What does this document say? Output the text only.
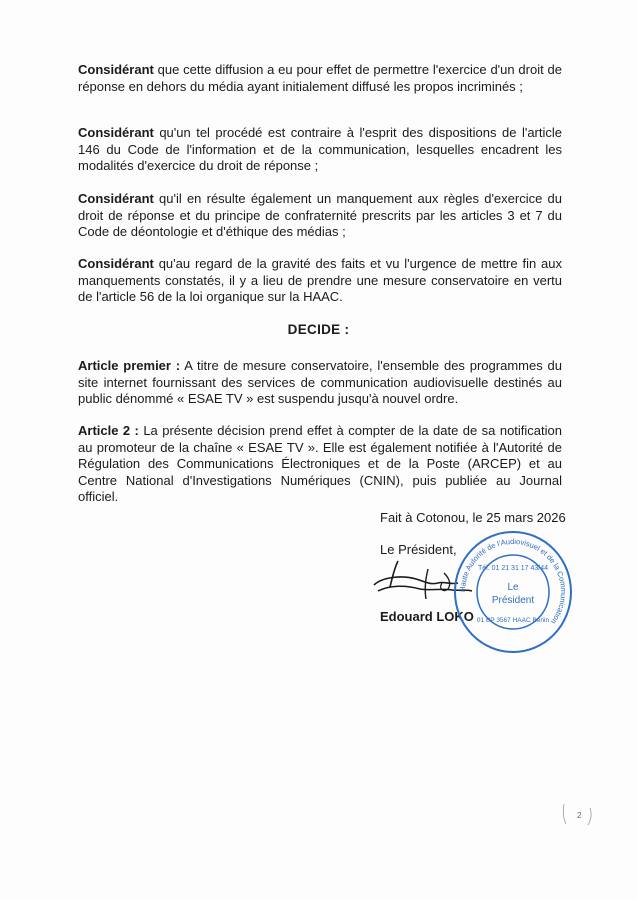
Considérant que cette diffusion a eu pour effet de permettre l'exercice d'un droit de réponse en dehors du média ayant initialement diffusé les propos incriminés ;

Considérant qu'un tel procédé est contraire à l'esprit des dispositions de l'article 146 du Code de l'information et de la communication, lesquelles encadrent les modalités d'exercice du droit de réponse ;

Considérant qu'il en résulte également un manquement aux règles d'exercice du droit de réponse et du principe de confraternité prescrits par les articles 3 et 7 du Code de déontologie et d'éthique des médias ;

Considérant qu'au regard de la gravité des faits et vu l'urgence de mettre fin aux manquements constatés, il y a lieu de prendre une mesure conservatoire en vertu de l'article 56 de la loi organique sur la HAAC.

DECIDE :

Article premier : A titre de mesure conservatoire, l'ensemble des programmes du site internet fournissant des services de communication audiovisuelle destinés au public dénommé « ESAE TV » est suspendu jusqu'à nouvel ordre.

Article 2 : La présente décision prend effet à compter de la date de sa notification au promoteur de la chaîne « ESAE TV ». Elle est également notifiée à l'Autorité de Régulation des Communications Électroniques et de la Poste (ARCEP) et au Centre National d'Investigations Numériques (CNIN), puis publiée au Journal officiel.

Fait à Cotonou, le 25 mars 2026
Le Président,
Edouard LOKO
Haute Autorité de l'Audiovisuel et de la Communication
Tél. 01 21 31 17 43/44
Le
Président
01 BP 3567 HAAC Bénin
2
